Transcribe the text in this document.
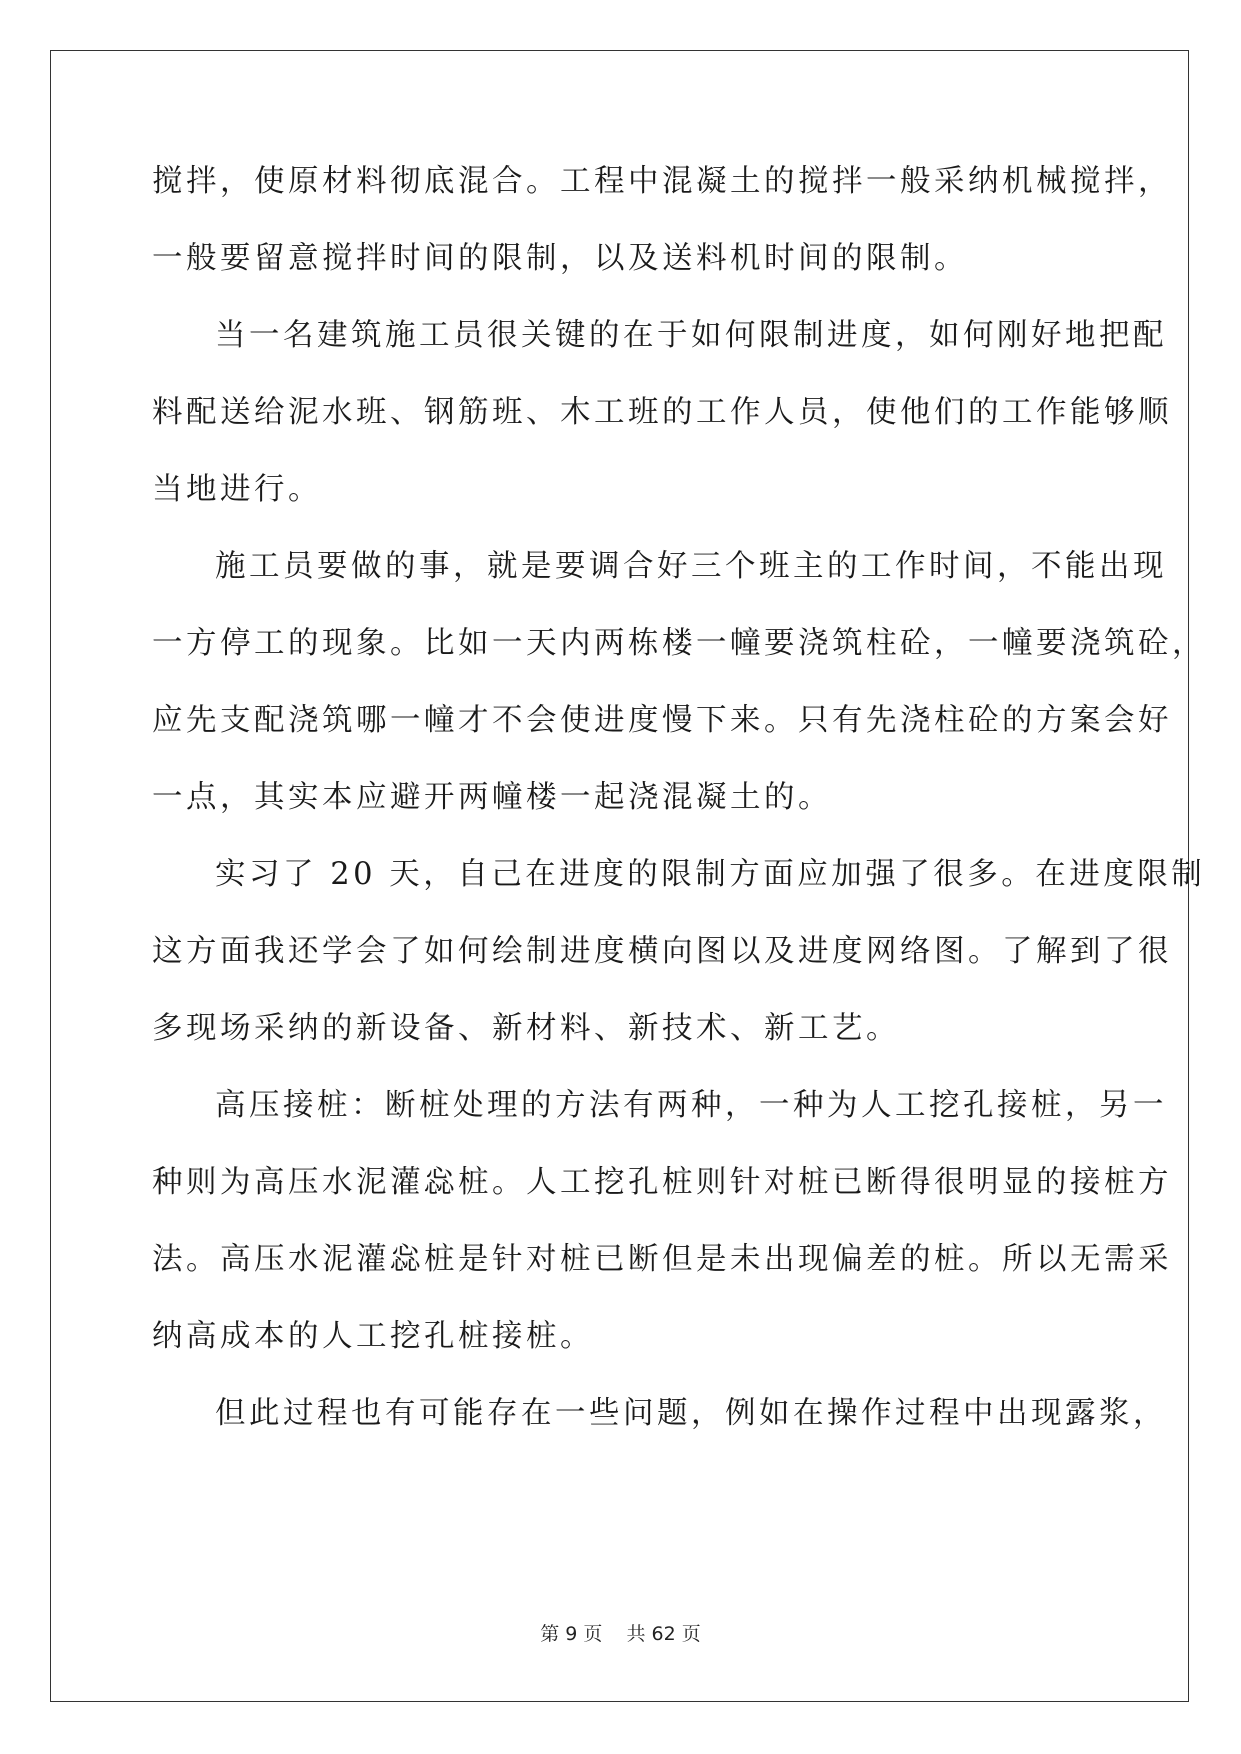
搅拌，使原材料彻底混合。工程中混凝土的搅拌一般采纳机械搅拌，
一般要留意搅拌时间的限制，以及送料机时间的限制。
当一名建筑施工员很关键的在于如何限制进度，如何刚好地把配
料配送给泥水班、钢筋班、木工班的工作人员，使他们的工作能够顺
当地进行。
施工员要做的事，就是要调合好三个班主的工作时间，不能出现
一方停工的现象。比如一天内两栋楼一幢要浇筑柱砼，一幢要浇筑砼，
应先支配浇筑哪一幢才不会使进度慢下来。只有先浇柱砼的方案会好
一点，其实本应避开两幢楼一起浇混凝土的。
实习了 20 天，自己在进度的限制方面应加强了很多。在进度限制
这方面我还学会了如何绘制进度横向图以及进度网络图。了解到了很
多现场采纳的新设备、新材料、新技术、新工艺。
高压接桩：断桩处理的方法有两种，一种为人工挖孔接桩，另一
种则为高压水泥灌惢桩。人工挖孔桩则针对桩已断得很明显的接桩方
法。高压水泥灌惢桩是针对桩已断但是未出现偏差的桩。所以无需采
纳高成本的人工挖孔桩接桩。
但此过程也有可能存在一些问题，例如在操作过程中出现露浆，
第 9 页 共 62 页
